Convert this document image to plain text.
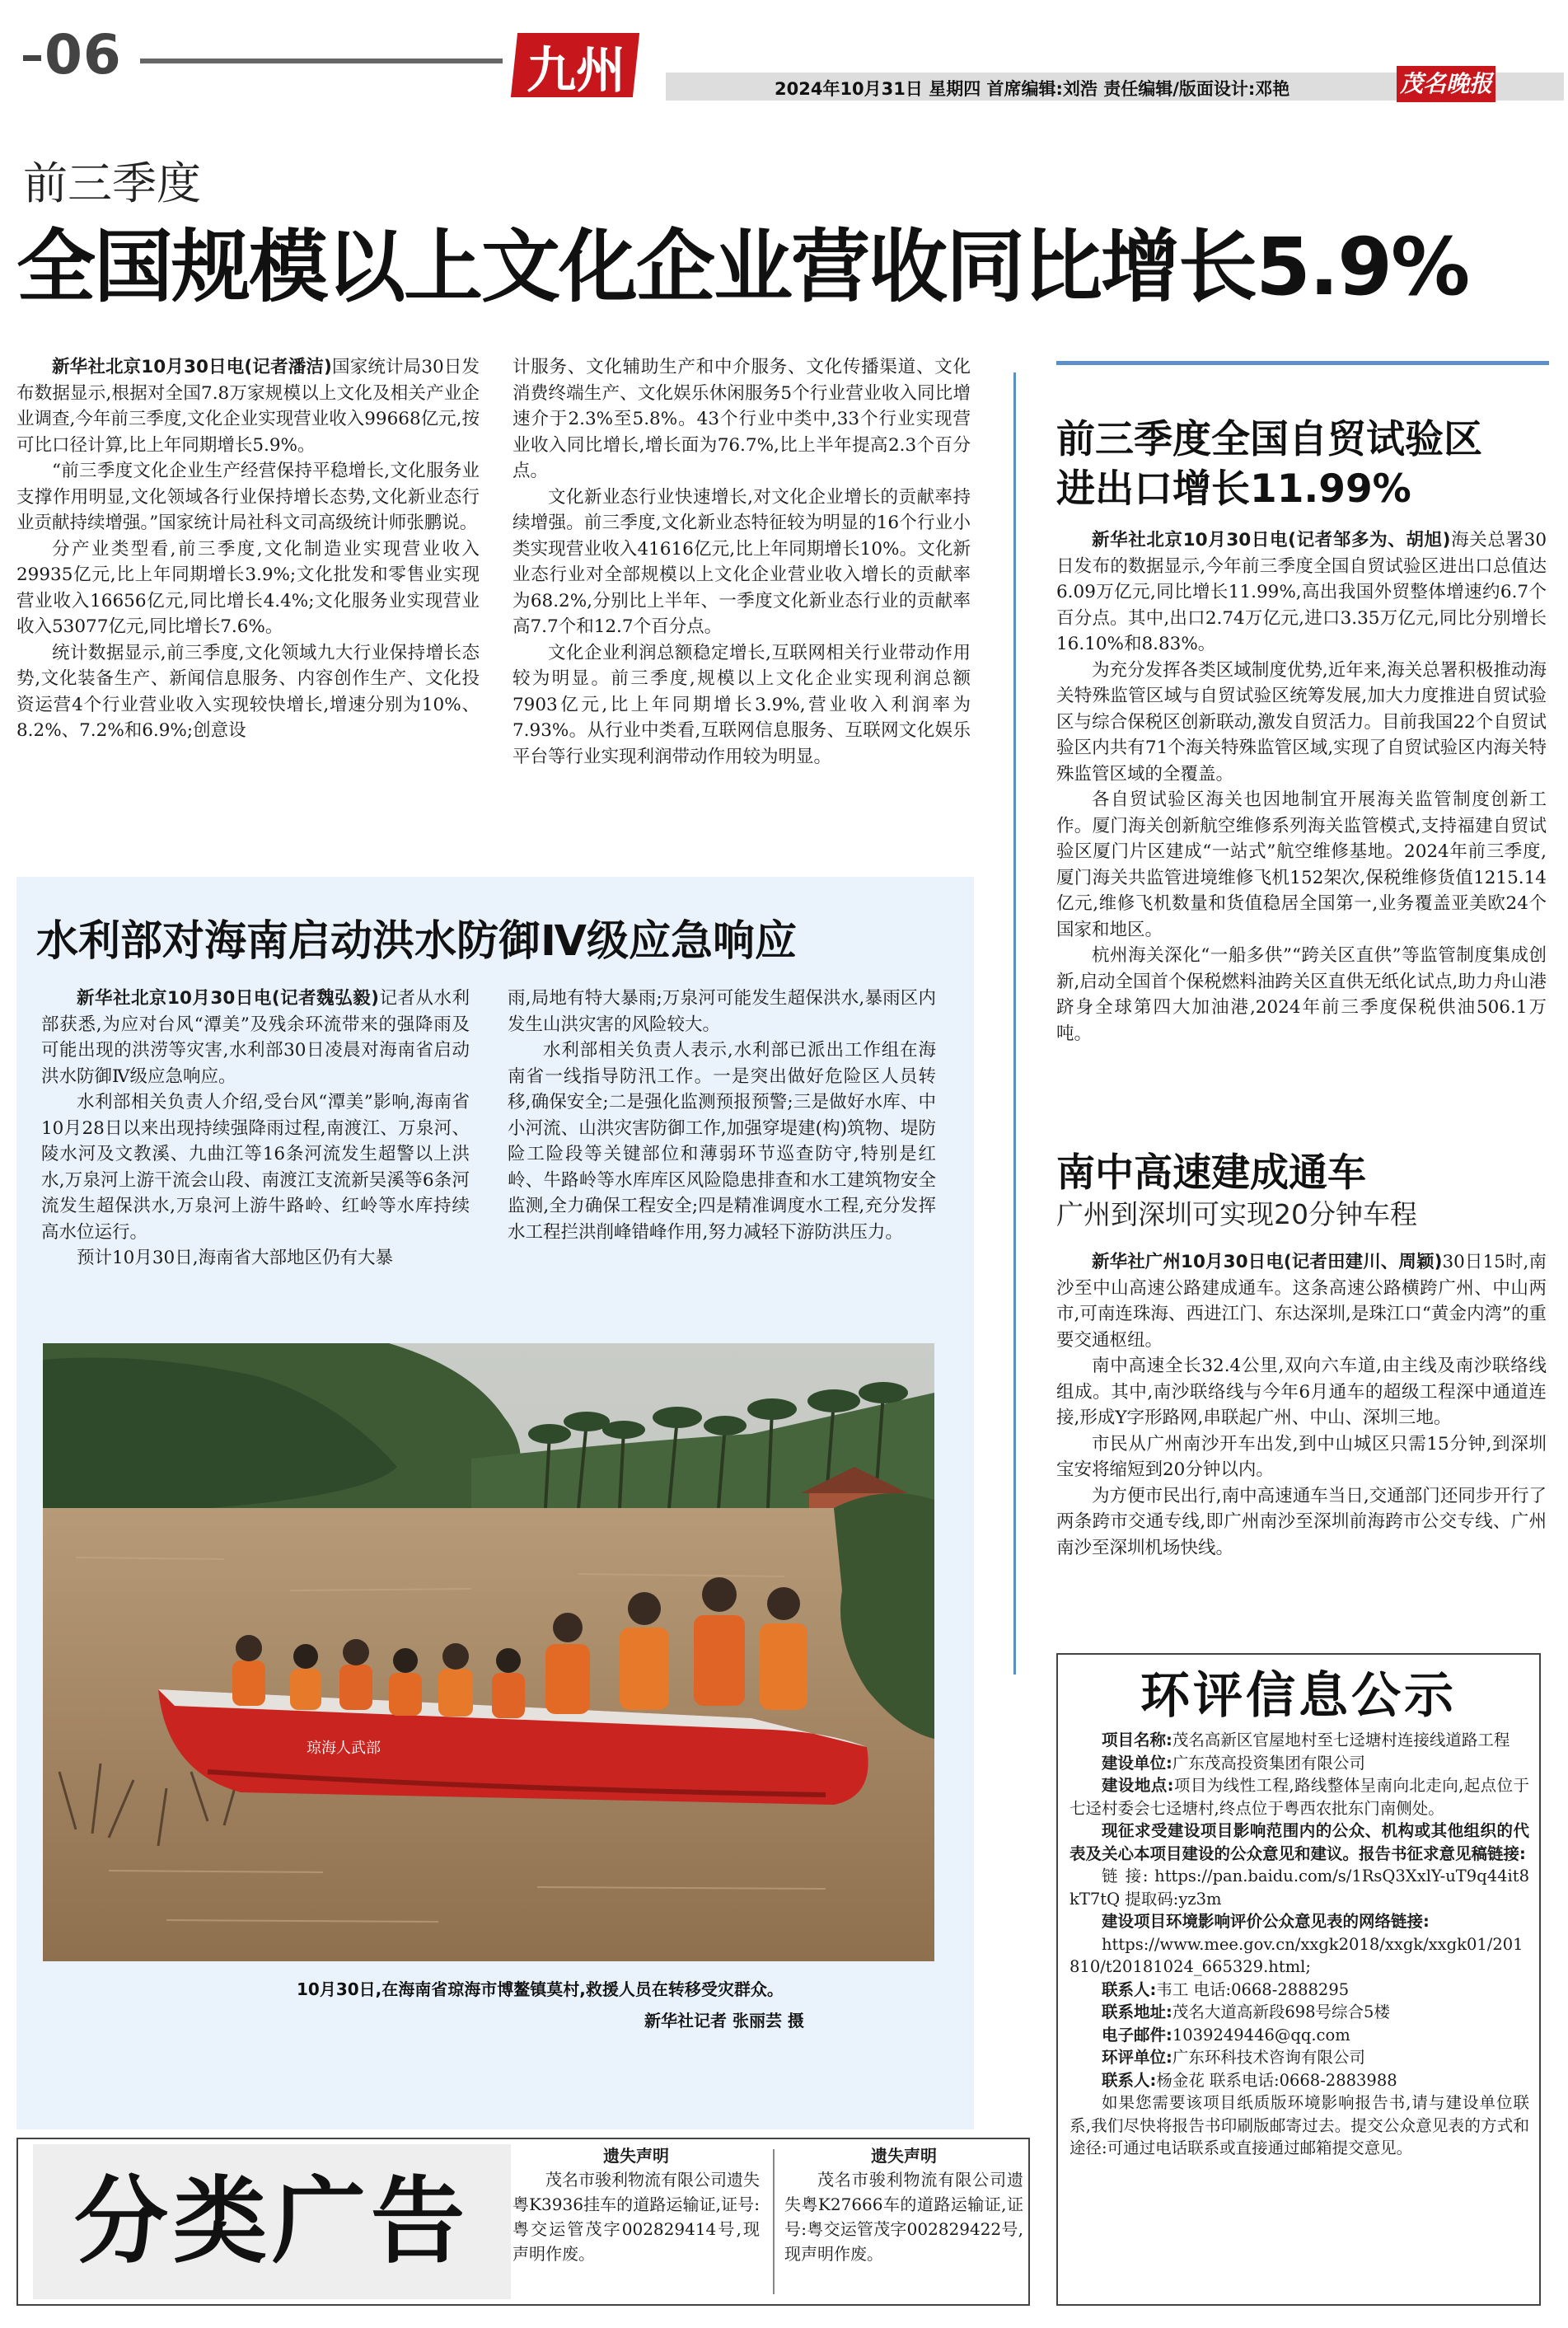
06	九州	2024年10月31日 星期四 首席编辑:刘浩 责任编辑/版面设计:邓艳	茂名晚报
前三季度
全国规模以上文化企业营收同比增长5.9%

新华社北京10月30日电(记者潘洁)国家统计局30日发布数据显示,根据对全国7.8万家规模以上文化及相关产业企业调查,今年前三季度,文化企业实现营业收入99668亿元,按可比口径计算,比上年同期增长5.9%。

“前三季度文化企业生产经营保持平稳增长,文化服务业支撑作用明显,文化领域各行业保持增长态势,文化新业态行业贡献持续增强。”国家统计局社科文司高级统计师张鹏说。

分产业类型看,前三季度,文化制造业实现营业收入29935亿元,比上年同期增长3.9%;文化批发和零售业实现营业收入16656亿元,同比增长4.4%;文化服务业实现营业收入53077亿元,同比增长7.6%。

统计数据显示,前三季度,文化领域九大行业保持增长态势,文化装备生产、新闻信息服务、内容创作生产、文化投资运营4个行业营业收入实现较快增长,增速分别为10%、8.2%、7.2%和6.9%;创意设

计服务、文化辅助生产和中介服务、文化传播渠道、文化消费终端生产、文化娱乐休闲服务5个行业营业收入同比增速介于2.3%至5.8%。43个行业中类中,33个行业实现营业收入同比增长,增长面为76.7%,比上半年提高2.3个百分点。

文化新业态行业快速增长,对文化企业增长的贡献率持续增强。前三季度,文化新业态特征较为明显的16个行业小类实现营业收入41616亿元,比上年同期增长10%。文化新业态行业对全部规模以上文化企业营业收入增长的贡献率为68.2%,分别比上半年、一季度文化新业态行业的贡献率高7.7个和12.7个百分点。

文化企业利润总额稳定增长,互联网相关行业带动作用较为明显。前三季度,规模以上文化企业实现利润总额7903亿元,比上年同期增长3.9%,营业收入利润率为7.93%。从行业中类看,互联网信息服务、互联网文化娱乐平台等行业实现利润带动作用较为明显。

水利部对海南启动洪水防御Ⅳ级应急响应

新华社北京10月30日电(记者魏弘毅)记者从水利部获悉,为应对台风“潭美”及残余环流带来的强降雨及可能出现的洪涝等灾害,水利部30日凌晨对海南省启动洪水防御Ⅳ级应急响应。

水利部相关负责人介绍,受台风“潭美”影响,海南省10月28日以来出现持续强降雨过程,南渡江、万泉河、陵水河及文教溪、九曲江等16条河流发生超警以上洪水,万泉河上游干流会山段、南渡江支流新吴溪等6条河流发生超保洪水,万泉河上游牛路岭、红岭等水库持续高水位运行。

预计10月30日,海南省大部地区仍有大暴

雨,局地有特大暴雨;万泉河可能发生超保洪水,暴雨区内发生山洪灾害的风险较大。

水利部相关负责人表示,水利部已派出工作组在海南省一线指导防汛工作。一是突出做好危险区人员转移,确保安全;二是强化监测预报预警;三是做好水库、中小河流、山洪灾害防御工作,加强穿堤建(构)筑物、堤防险工险段等关键部位和薄弱环节巡查防守,特别是红岭、牛路岭等水库库区风险隐患排查和水工建筑物安全监测,全力确保工程安全;四是精准调度水工程,充分发挥水工程拦洪削峰错峰作用,努力减轻下游防洪压力。

琼海人武部
10月30日,在海南省琼海市博鳌镇莫村,救援人员在转移受灾群众。
新华社记者 张丽芸 摄
前三季度全国自贸试验区
进出口增长11.99%

新华社北京10月30日电(记者邹多为、胡旭)海关总署30日发布的数据显示,今年前三季度全国自贸试验区进出口总值达6.09万亿元,同比增长11.99%,高出我国外贸整体增速约6.7个百分点。其中,出口2.74万亿元,进口3.35万亿元,同比分别增长16.10%和8.83%。

为充分发挥各类区域制度优势,近年来,海关总署积极推动海关特殊监管区域与自贸试验区统筹发展,加大力度推进自贸试验区与综合保税区创新联动,激发自贸活力。目前我国22个自贸试验区内共有71个海关特殊监管区域,实现了自贸试验区内海关特殊监管区域的全覆盖。

各自贸试验区海关也因地制宜开展海关监管制度创新工作。厦门海关创新航空维修系列海关监管模式,支持福建自贸试验区厦门片区建成“一站式”航空维修基地。2024年前三季度,厦门海关共监管进境维修飞机152架次,保税维修货值1215.14亿元,维修飞机数量和货值稳居全国第一,业务覆盖亚美欧24个国家和地区。

杭州海关深化“一船多供”“跨关区直供”等监管制度集成创新,启动全国首个保税燃料油跨关区直供无纸化试点,助力舟山港跻身全球第四大加油港,2024年前三季度保税供油506.1万吨。

南中高速建成通车
广州到深圳可实现20分钟车程

新华社广州10月30日电(记者田建川、周颖)30日15时,南沙至中山高速公路建成通车。这条高速公路横跨广州、中山两市,可南连珠海、西进江门、东达深圳,是珠江口“黄金内湾”的重要交通枢纽。

南中高速全长32.4公里,双向六车道,由主线及南沙联络线组成。其中,南沙联络线与今年6月通车的超级工程深中通道连接,形成Y字形路网,串联起广州、中山、深圳三地。

市民从广州南沙开车出发,到中山城区只需15分钟,到深圳宝安将缩短到20分钟以内。

为方便市民出行,南中高速通车当日,交通部门还同步开行了两条跨市交通专线,即广州南沙至深圳前海跨市公交专线、广州南沙至深圳机场快线。

环评信息公示
项目名称:茂名高新区官屋地村至七迳塘村连接线道路工程
建设单位:广东茂高投资集团有限公司
建设地点:项目为线性工程,路线整体呈南向北走向,起点位于七迳村委会七迳塘村,终点位于粤西农批东门南侧处。
现征求受建设项目影响范围内的公众、机构或其他组织的代表及关心本项目建设的公众意见和建议。报告书征求意见稿链接:
链 接: https://pan.baidu.com/s/1RsQ3XxlY-uT9q44it8kT7tQ 提取码:yz3m
建设项目环境影响评价公众意见表的网络链接:
https://www.mee.gov.cn/xxgk2018/xxgk/xxgk01/201810/t20181024_665329.html;
联系人:韦工 电话:0668-2888295
联系地址:茂名大道高新段698号综合5楼
电子邮件:1039249446@qq.com
环评单位:广东环科技术咨询有限公司
联系人:杨金花 联系电话:0668-2883988
如果您需要该项目纸质版环境影响报告书,请与建设单位联系,我们尽快将报告书印刷版邮寄过去。提交公众意见表的方式和途径:可通过电话联系或直接通过邮箱提交意见。
分类广告
遗失声明
茂名市骏利物流有限公司遗失粤K3936挂车的道路运输证,证号:粤交运管茂字002829414号,现声明作废。
遗失声明
茂名市骏利物流有限公司遗失粤K27666车的道路运输证,证号:粤交运管茂字002829422号,现声明作废。
